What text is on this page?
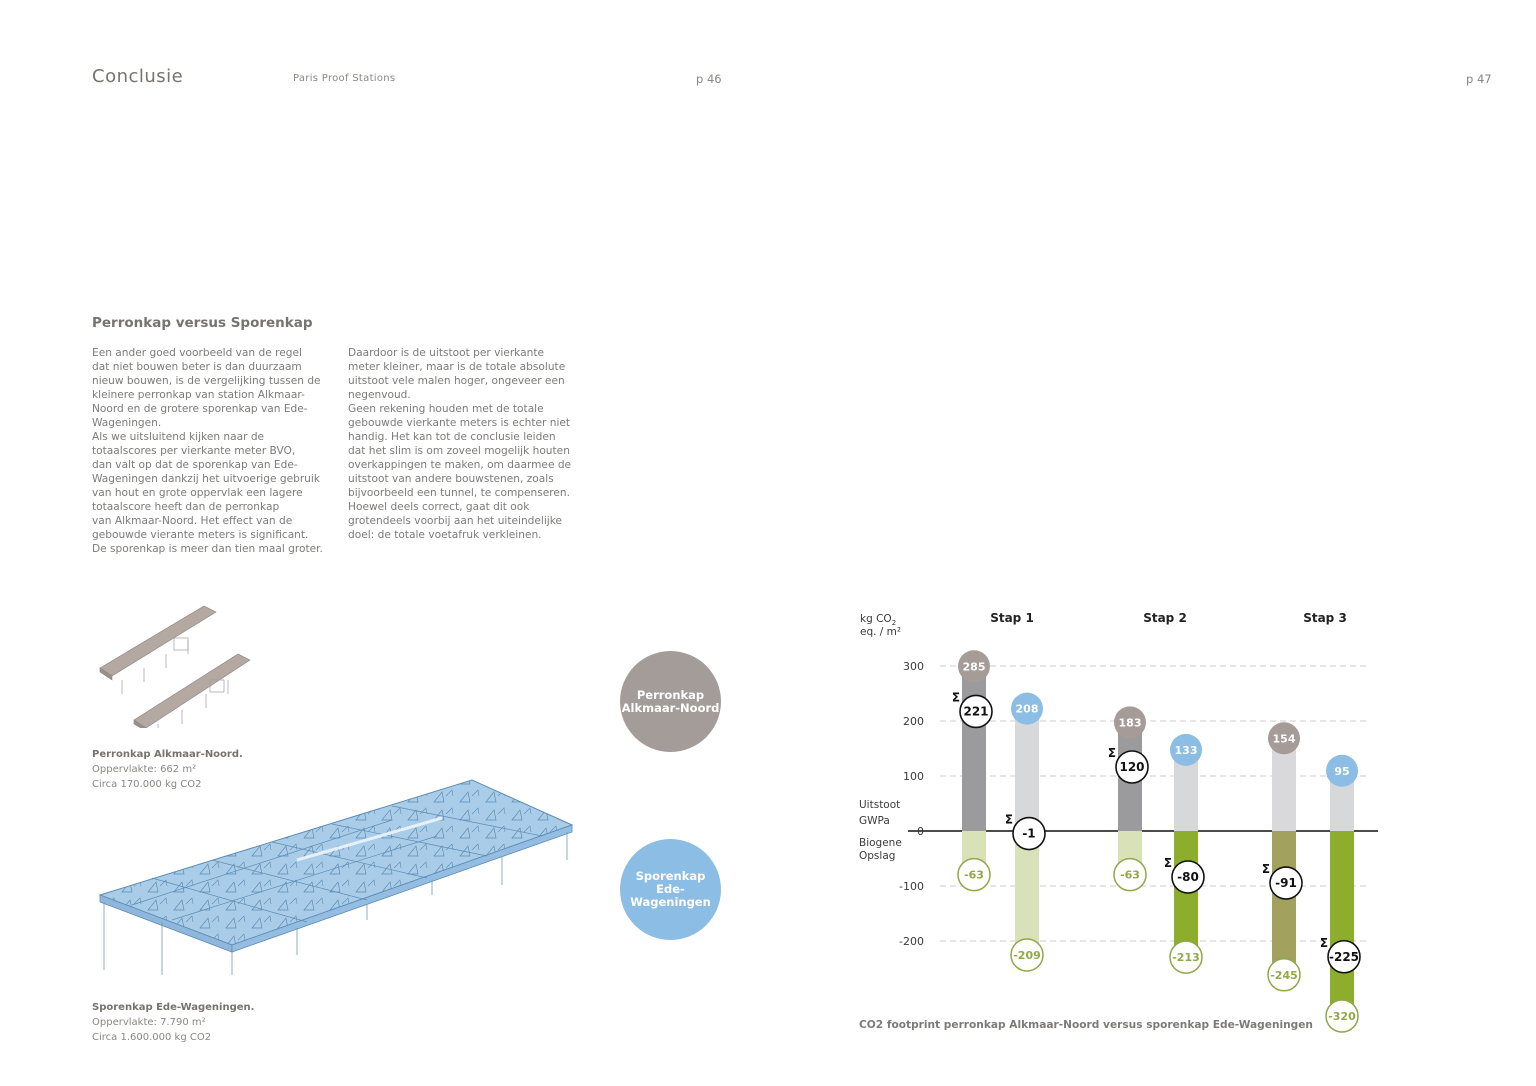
Conclusie	Paris Proof Stations	p 46	p 47
Perronkap versus Sporenkap
Een ander goed voorbeeld van de regel
dat niet bouwen beter is dan duurzaam
nieuw bouwen, is de vergelijking tussen de
kleinere perronkap van station Alkmaar-
Noord en de grotere sporenkap van Ede-
Wageningen.
Als we uitsluitend kijken naar de
totaalscores per vierkante meter BVO,
dan valt op dat de sporenkap van Ede-
Wageningen dankzij het uitvoerige gebruik
van hout en grote oppervlak een lagere
totaalscore heeft dan de perronkap
van Alkmaar-Noord. Het effect van de
gebouwde vierante meters is significant.
De sporenkap is meer dan tien maal groter.
Daardoor is de uitstoot per vierkante
meter kleiner, maar is de totale absolute
uitstoot vele malen hoger, ongeveer een
negenvoud.
Geen rekening houden met de totale
gebouwde vierkante meters is echter niet
handig. Het kan tot de conclusie leiden
dat het slim is om zoveel mogelijk houten
overkappingen te maken, om daarmee de
uitstoot van andere bouwstenen, zoals
bijvoorbeeld een tunnel, te compenseren.
Hoewel deels correct, gaat dit ook
grotendeels voorbij aan het uiteindelijke
doel: de totale voetafruk verkleinen.
Perronkap Alkmaar-Noord.
Oppervlakte: 662 m²
Circa 170.000 kg CO2
Sporenkap Ede-Wageningen.
Oppervlakte: 7.790 m²
Circa 1.600.000 kg CO2
Perronkap
Alkmaar-Noord
Sporenkap
Ede-Wageningen
kg $CO_2$ eq. / m²
300
200
100
0
-100
-200
Stap 1	Stap 2	Stap 3
285
-63
221
Σ
208
-209
-1
Σ
183
-63
120
Σ	133
-213
-80
Σ
154
-245
-91
Σ
95
-320
-225
Σ
Uitstoot
GWPa
Biogene
Opslag
CO2 footprint perronkap Alkmaar-Noord versus sporenkap Ede-Wageningen
